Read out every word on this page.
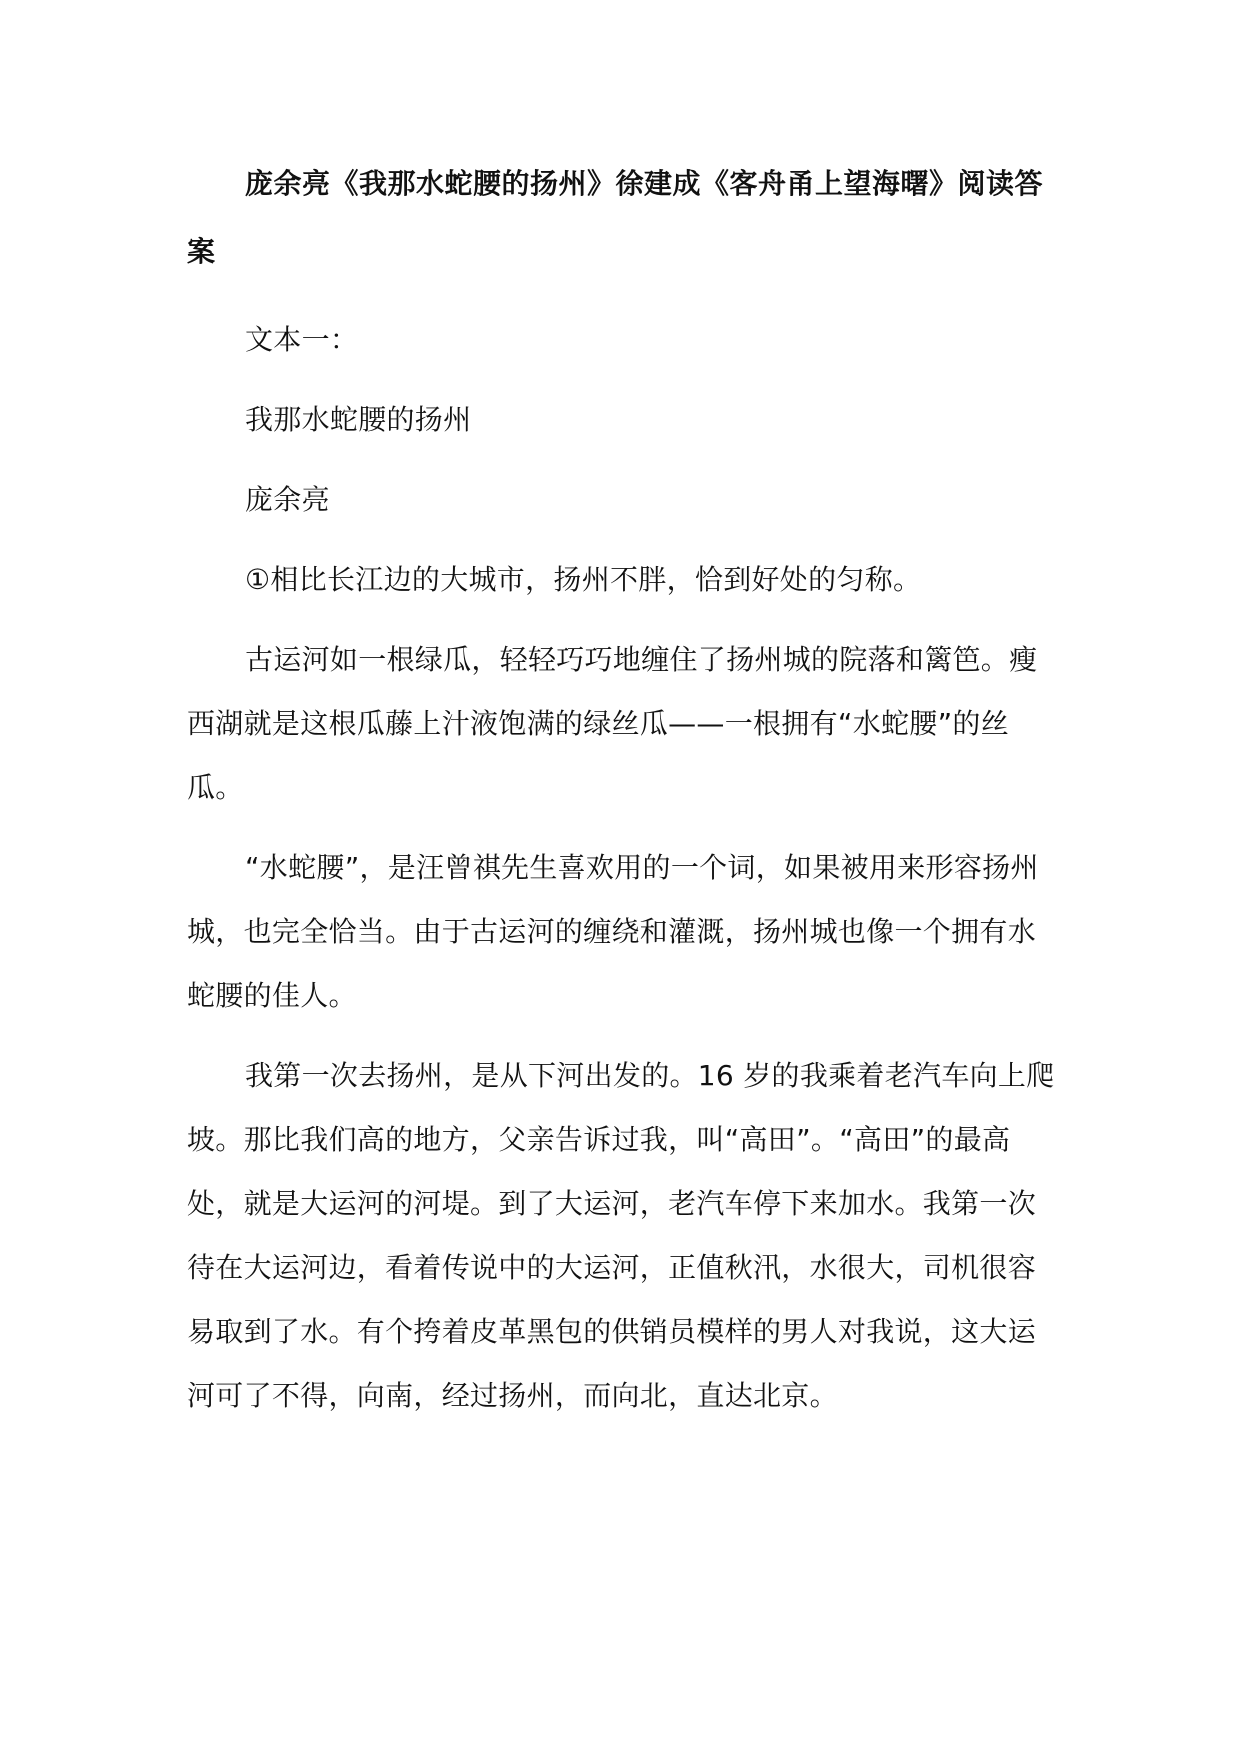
庞余亮《我那水蛇腰的扬州》徐建成《客舟甬上望海曙》阅读答案

文本一：

我那水蛇腰的扬州

庞余亮

①相比长江边的大城市，扬州不胖，恰到好处的匀称。

古运河如一根绿瓜，轻轻巧巧地缠住了扬州城的院落和篱笆。瘦西湖就是这根瓜藤上汁液饱满的绿丝瓜——一根拥有“水蛇腰”的丝瓜。

“水蛇腰”，是汪曾祺先生喜欢用的一个词，如果被用来形容扬州城，也完全恰当。由于古运河的缠绕和灌溉，扬州城也像一个拥有水蛇腰的佳人。

我第一次去扬州，是从下河出发的。16 岁的我乘着老汽车向上爬坡。那比我们高的地方，父亲告诉过我，叫“高田”。“高田”的最高处，就是大运河的河堤。到了大运河，老汽车停下来加水。我第一次待在大运河边，看着传说中的大运河，正值秋汛，水很大，司机很容易取到了水。有个挎着皮革黑包的供销员模样的男人对我说，这大运河可了不得，向南，经过扬州，而向北，直达北京。
